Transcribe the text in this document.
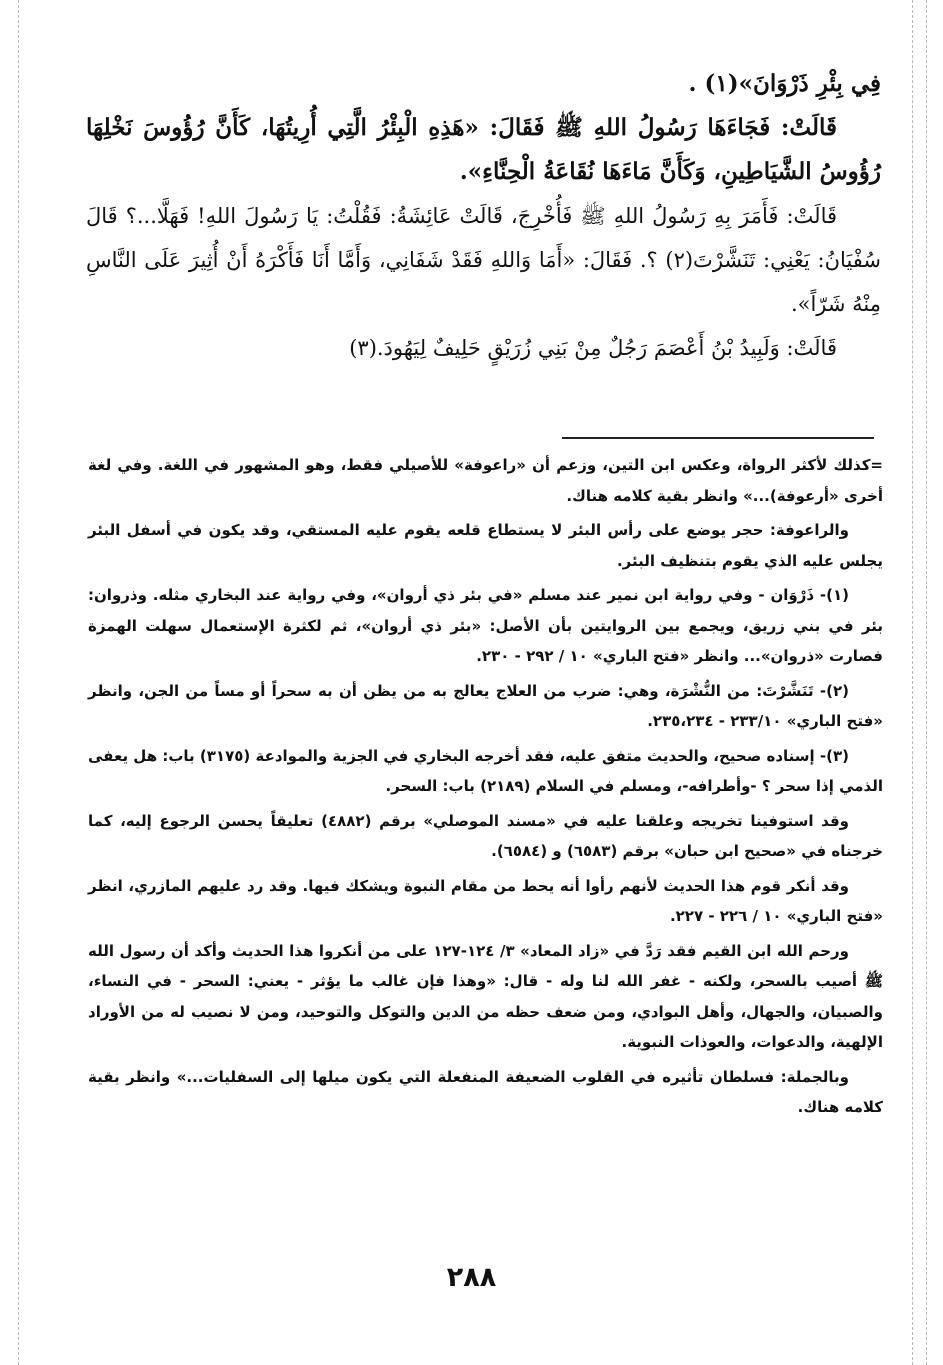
فِي بِئْرِ ذَرْوَانَ»(١) .

قَالَتْ: فَجَاءَهَا رَسُولُ اللهِ ﷺ فَقَالَ: «هَذِهِ الْبِئْرُ الَّتِي أُرِيتُهَا، كَأَنَّ رُؤُوسَ نَخْلِهَا رُؤُوسُ الشَّيَاطِينِ، وَكَأَنَّ مَاءَهَا نُقَاعَةُ الْحِنَّاءِ».

قَالَتْ: فَأَمَرَ بِهِ رَسُولُ اللهِ ﷺ فَأُخْرِجَ، قَالَتْ عَائِشَةُ: فَقُلْتُ: يَا رَسُولَ اللهِ! فَهَلَّا...؟ قَالَ سُفْيَانُ: يَعْنِي: تَنَشَّرْتَ(٢) ؟. فَقَالَ: «أَمَا وَاللهِ فَقَدْ شَفَانِي، وَأَمَّا أَنَا فَأَكْرَهُ أَنْ أُثِيرَ عَلَى النَّاسِ مِنْهُ شَرّاً».

قَالَتْ: وَلَبِيدُ بْنُ أَعْصَمَ رَجُلٌ مِنْ بَنِي زُرَيْقٍ حَلِيفٌ لِيَهُودَ.(٣)

=كذلك لأكثر الرواة، وعكس ابن التين، وزعم أن «راعوفة» للأصيلي فقط، وهو المشهور في اللغة. وفي لغة أخرى «أرعوفة)...» وانظر بقية كلامه هناك.

والراعوفة: حجر يوضع على رأس البئر لا يستطاع قلعه يقوم عليه المستقي، وقد يكون في أسفل البئر يجلس عليه الذي يقوم بتنظيف البئر.

(١)- ذَرْوَان - وفي رواية ابن نمير عند مسلم «في بئر ذي أروان»، وفي رواية عند البخاري مثله. وذروان: بئر في بني زريق، ويجمع بين الروايتين بأن الأصل: «بئر ذي أروان»، ثم لكثرة الإستعمال سهلت الهمزة فصارت «ذروان»... وانظر «فتح الباري» ١٠ / ٢٩٢ - ٢٣٠.

(٢)- تَنَشَّرْتَ: من النُّشْرَة، وهي: ضرب من العلاج يعالج به من يظن أن به سحراً أو مساً من الجن، وانظر «فتح الباري» ٢٣٣/١٠ - ٢٣٥،٢٣٤.

(٣)- إسناده صحيح، والحديث متفق عليه، فقد أخرجه البخاري في الجزية والموادعة (٣١٧٥) باب: هل يعفى الذمي إذا سحر ؟ -وأطرافه-، ومسلم في السلام (٢١٨٩) باب: السحر.

وقد استوفينا تخريجه وعلقنا عليه في «مسند الموصلي» برقم (٤٨٨٢) تعليقاً يحسن الرجوع إليه، كما خرجناه في «صحيح ابن حبان» برقم (٦٥٨٣) و (٦٥٨٤).

وقد أنكر قوم هذا الحديث لأنهم رأوا أنه يحط من مقام النبوة ويشكك فيها. وقد رد عليهم المازري، انظر «فتح الباري» ١٠ / ٢٢٦ - ٢٢٧.

ورحم الله ابن القيم فقد رَدَّ في «زاد المعاد» ٣/ ١٢٤-١٢٧ على من أنكروا هذا الحديث وأكد أن رسول الله ﷺ أصيب بالسحر، ولكنه - غفر الله لنا وله - قال: «وهذا فإن غالب ما يؤثر - يعني: السحر - في النساء، والصبيان، والجهال، وأهل البوادي، ومن ضعف حظه من الدين والتوكل والتوحيد، ومن لا نصيب له من الأوراد الإلهية، والدعوات، والعوذات النبوية.

وبالجملة: فسلطان تأثيره في القلوب الضعيفة المنفعلة التي يكون ميلها إلى السفليات...» وانظر بقية كلامه هناك.

٢٨٨
